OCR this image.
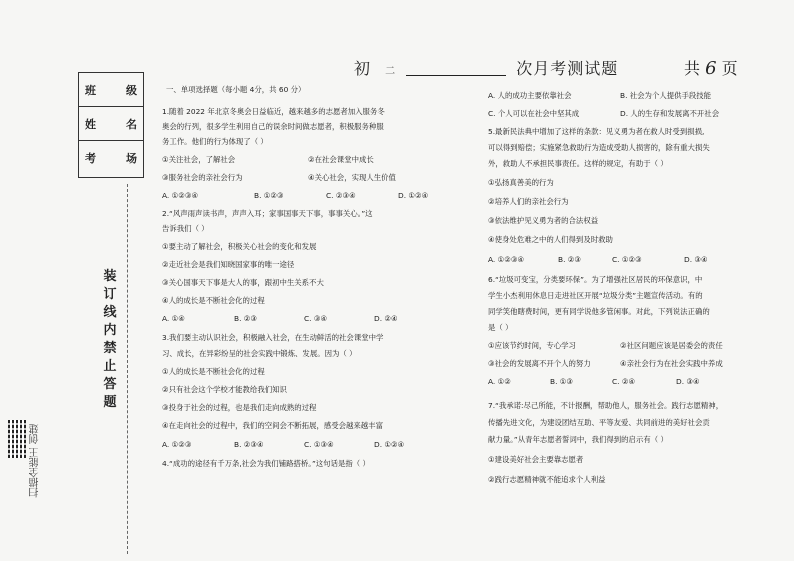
班	级
姓	名
考	场
装
订
线
内
禁
止
答
题
扫描全能王 创建
初 二	次月考测试题	共 6 页
一、单项选择题（每小题 4分，共 60 分）
1.随着 2022 年北京冬奥会日益临近，越来越多的志愿者加入服务冬
奥会的行列，很多学生利用自己的误余时间做志愿者，积极服务种服
务工作。他们的行为体现了（ ）
①关注社会，了解社会	②在社会课堂中成长
③服务社会的亲社会行为	④关心社会，实现人生价值
A. ①②③④	B. ①②③	C. ②③④	D. ①②④
2.“风声雨声读书声，声声入耳；家事国事天下事，事事关心。”这
告诉我们（ ）
①要主动了解社会，积极关心社会的变化和发展
②走近社会是我们知晓国家事的唯一途径
③关心国事天下事是大人的事，跟初中生关系不大
④人的成长是不断社会化的过程
A. ①④	B. ②③	C. ③④	D. ②④
3.我们要主动认识社会，积极融入社会，在生动鲜活的社会课堂中学
习、成长，在异彩纷呈的社会实践中锻炼、发展。因为（ ）
①人的成长是不断社会化的过程
②只有社会这个学校才能教给我们知识
③投身于社会的过程，也是我们走向成熟的过程
④在走向社会的过程中，我们的空间会不断拓展，感受会越来越丰富
A. ①②③	B. ②③④	C. ①③④	D. ①②④
4.“成功的途径有千万条,社会为我们铺路搭桥。”这句话是指（ ）
A. 人的成功主要依靠社会	B. 社会为个人提供手段技能
C. 个人可以在社会中坚其成	D. 人的生存和发展离不开社会
5.最新民法典中增加了这样的条款：见义勇为者在救人时受到损损,
可以得到赔偿；实施紧急救助行为造成受助人损害的，除有重大损失
外，救助人不承担民事责任。这样的规定，有助于（ ）
①弘扬真善美的行为
②培养人们的亲社会行为
③依法维护见义勇为者的合法权益
④使身处危难之中的人们得到及时救助
A. ①②③④	B. ②③	C. ①②③	D. ③④
6.“垃圾可变宝，分类要环保”。为了增强社区居民的环保意识，中
学生小杰利用休息日走进社区开展“垃圾分类”主题宣传活动。有的
同学笑他瞎费时间，更有同学说他多管闲事。对此，下列说法正确的
是（ ）
①应该节约时间，专心学习	②社区问题应该是居委会的责任
③社会的发展离不开个人的努力	④亲社会行为在社会实践中养成
A. ①②	B. ①③	C. ②④	D. ③④
7.“我承诺:尽己所能，不计报酬，帮助他人，服务社会。践行志愿精神，
传播先进文化，为建设团结互助、平等友爱、共同前进的美好社会贡
献力量。”从青年志愿者誓词中，我们得到的启示有（ ）
①建设美好社会主要靠志愿者
②践行志愿精神就不能追求个人利益
